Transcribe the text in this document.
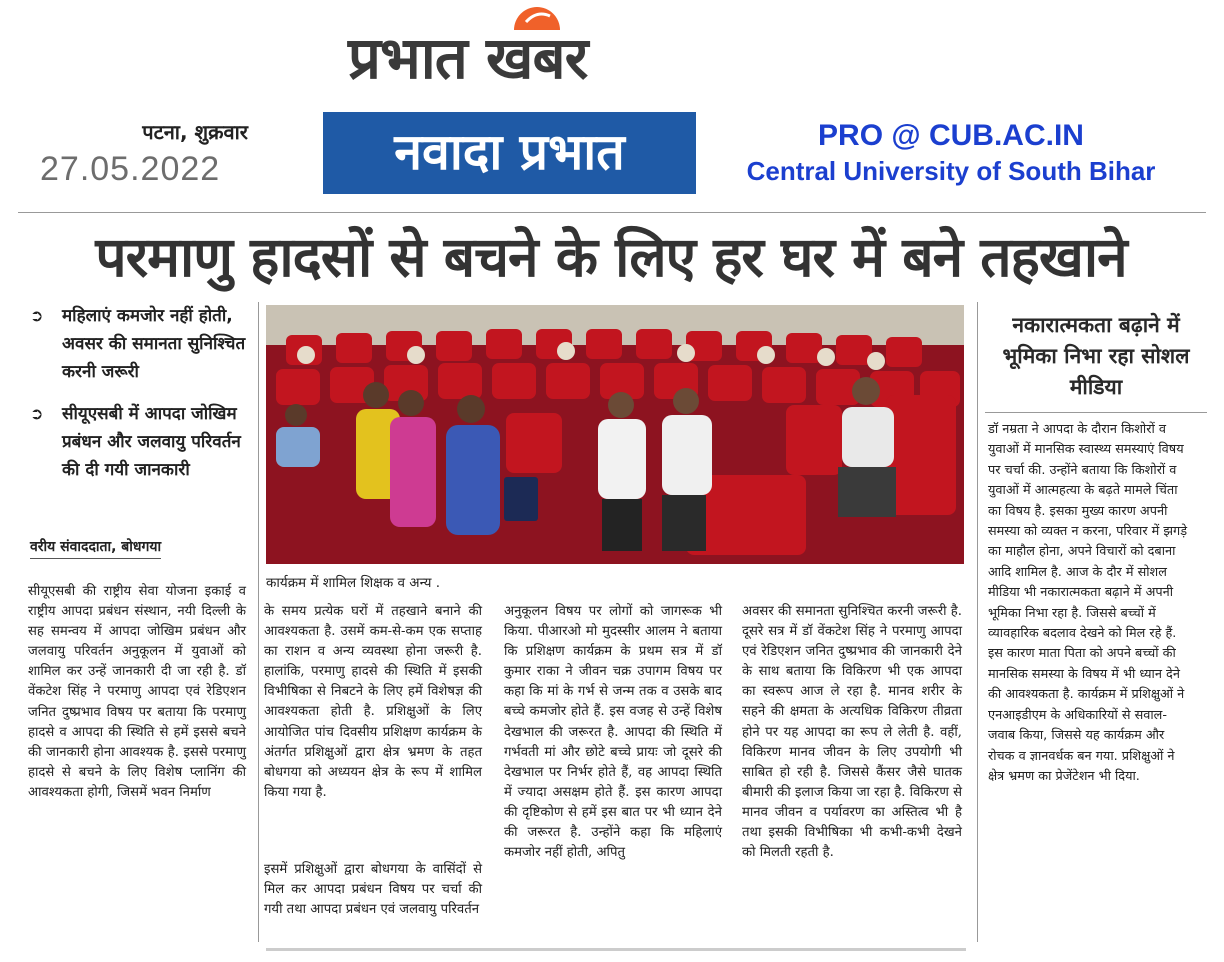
प्रभात खबर
पटना, शुक्रवार
27.05.2022	नवादा प्रभात	PRO @ CUB.AC.IN
Central University of South Bihar
परमाणु हादसों से बचने के लिए हर घर में बने तहखाने
➲	महिलाएं कमजोर नहीं होती, अवसर की समानता सुनिश्चित करनी जरूरी
➲	सीयूएसबी में आपदा जोखिम प्रबंधन और जलवायु परिवर्तन की दी गयी जानकारी
वरीय संवाददाता, बोधगया
कार्यक्रम में शामिल शिक्षक व अन्य .
सीयूएसबी की राष्ट्रीय सेवा योजना इकाई व राष्ट्रीय आपदा प्रबंधन संस्थान, नयी दिल्ली के सह समन्वय में आपदा जोखिम प्रबंधन और जलवायु परिवर्तन अनुकूलन में युवाओं को शामिल कर उन्हें जानकारी दी जा रही है. डॉ वेंकटेश सिंह ने परमाणु आपदा एवं रेडिएशन जनित दुष्प्रभाव विषय पर बताया कि परमाणु हादसे व आपदा की स्थिति से हमें इससे बचने की जानकारी होना आवश्यक है. इससे परमाणु हादसे से बचने के लिए विशेष प्लानिंग की आवश्यकता होगी, जिसमें भवन निर्माण
के समय प्रत्येक घरों में तहखाने बनाने की आवश्यकता है. उसमें कम-से-कम एक सप्ताह का राशन व अन्य व्यवस्था होना जरूरी है. हालांकि, परमाणु हादसे की स्थिति में इसकी विभीषिका से निबटने के लिए हमें विशेषज्ञ की आवश्यकता होती है. प्रशिक्षुओं के लिए आयोजित पांच दिवसीय प्रशिक्षण कार्यक्रम के अंतर्गत प्रशिक्षुओं द्वारा क्षेत्र भ्रमण के तहत बोधगया को अध्ययन क्षेत्र के रूप में शामिल किया गया है.
इसमें प्रशिक्षुओं द्वारा बोधगया के वासिंदों से मिल कर आपदा प्रबंधन विषय पर चर्चा की गयी तथा आपदा प्रबंधन एवं जलवायु परिवर्तन
अनुकूलन विषय पर लोगों को जागरूक भी किया. पीआरओ मो मुदस्सीर आलम ने बताया कि प्रशिक्षण कार्यक्रम के प्रथम सत्र में डॉ कुमार राका ने जीवन चक्र उपागम विषय पर कहा कि मां के गर्भ से जन्म तक व उसके बाद बच्चे कमजोर होते हैं. इस वजह से उन्हें विशेष देखभाल की जरूरत है. आपदा की स्थिति में गर्भवती मां और छोटे बच्चे प्रायः जो दूसरे की देखभाल पर निर्भर होते हैं, वह आपदा स्थिति में ज्यादा असक्षम होते हैं. इस कारण आपदा की दृष्टिकोण से हमें इस बात पर भी ध्यान देने की जरूरत है. उन्होंने कहा कि महिलाएं कमजोर नहीं होती, अपितु
अवसर की समानता सुनिश्चित करनी जरूरी है. दूसरे सत्र में डॉ वेंकटेश सिंह ने परमाणु आपदा एवं रेडिएशन जनित दुष्प्रभाव की जानकारी देने के साथ बताया कि विकिरण भी एक आपदा का स्वरूप आज ले रहा है. मानव शरीर के सहने की क्षमता के अत्यधिक विकिरण तीव्रता होने पर यह आपदा का रूप ले लेती है. वहीं, विकिरण मानव जीवन के लिए उपयोगी भी साबित हो रही है. जिससे कैंसर जैसे घातक बीमारी की इलाज किया जा रहा है. विकिरण से मानव जीवन व पर्यावरण का अस्तित्व भी है तथा इसकी विभीषिका भी कभी-कभी देखने को मिलती रहती है.
नकारात्मकता बढ़ाने में भूमिका निभा रहा सोशल मीडिया
डॉ नम्रता ने आपदा के दौरान किशोरों व युवाओं में मानसिक स्वास्थ्य समस्याएं विषय पर चर्चा की. उन्होंने बताया कि किशोरों व युवाओं में आत्महत्या के बढ़ते मामले चिंता का विषय है. इसका मुख्य कारण अपनी समस्या को व्यक्त न करना, परिवार में झगड़े का माहौल होना, अपने विचारों को दबाना आदि शामिल है. आज के दौर में सोशल मीडिया भी नकारात्मकता बढ़ाने में अपनी भूमिका निभा रहा है. जिससे बच्चों में व्यावहारिक बदलाव देखने को मिल रहे हैं. इस कारण माता पिता को अपने बच्चों की मानसिक समस्या के विषय में भी ध्यान देने की आवश्यकता है. कार्यक्रम में प्रशिक्षुओं ने एनआइडीएम के अधिकारियों से सवाल-जवाब किया, जिससे यह कार्यक्रम और रोचक व ज्ञानवर्धक बन गया. प्रशिक्षुओं ने क्षेत्र भ्रमण का प्रेजेंटेशन भी दिया.
